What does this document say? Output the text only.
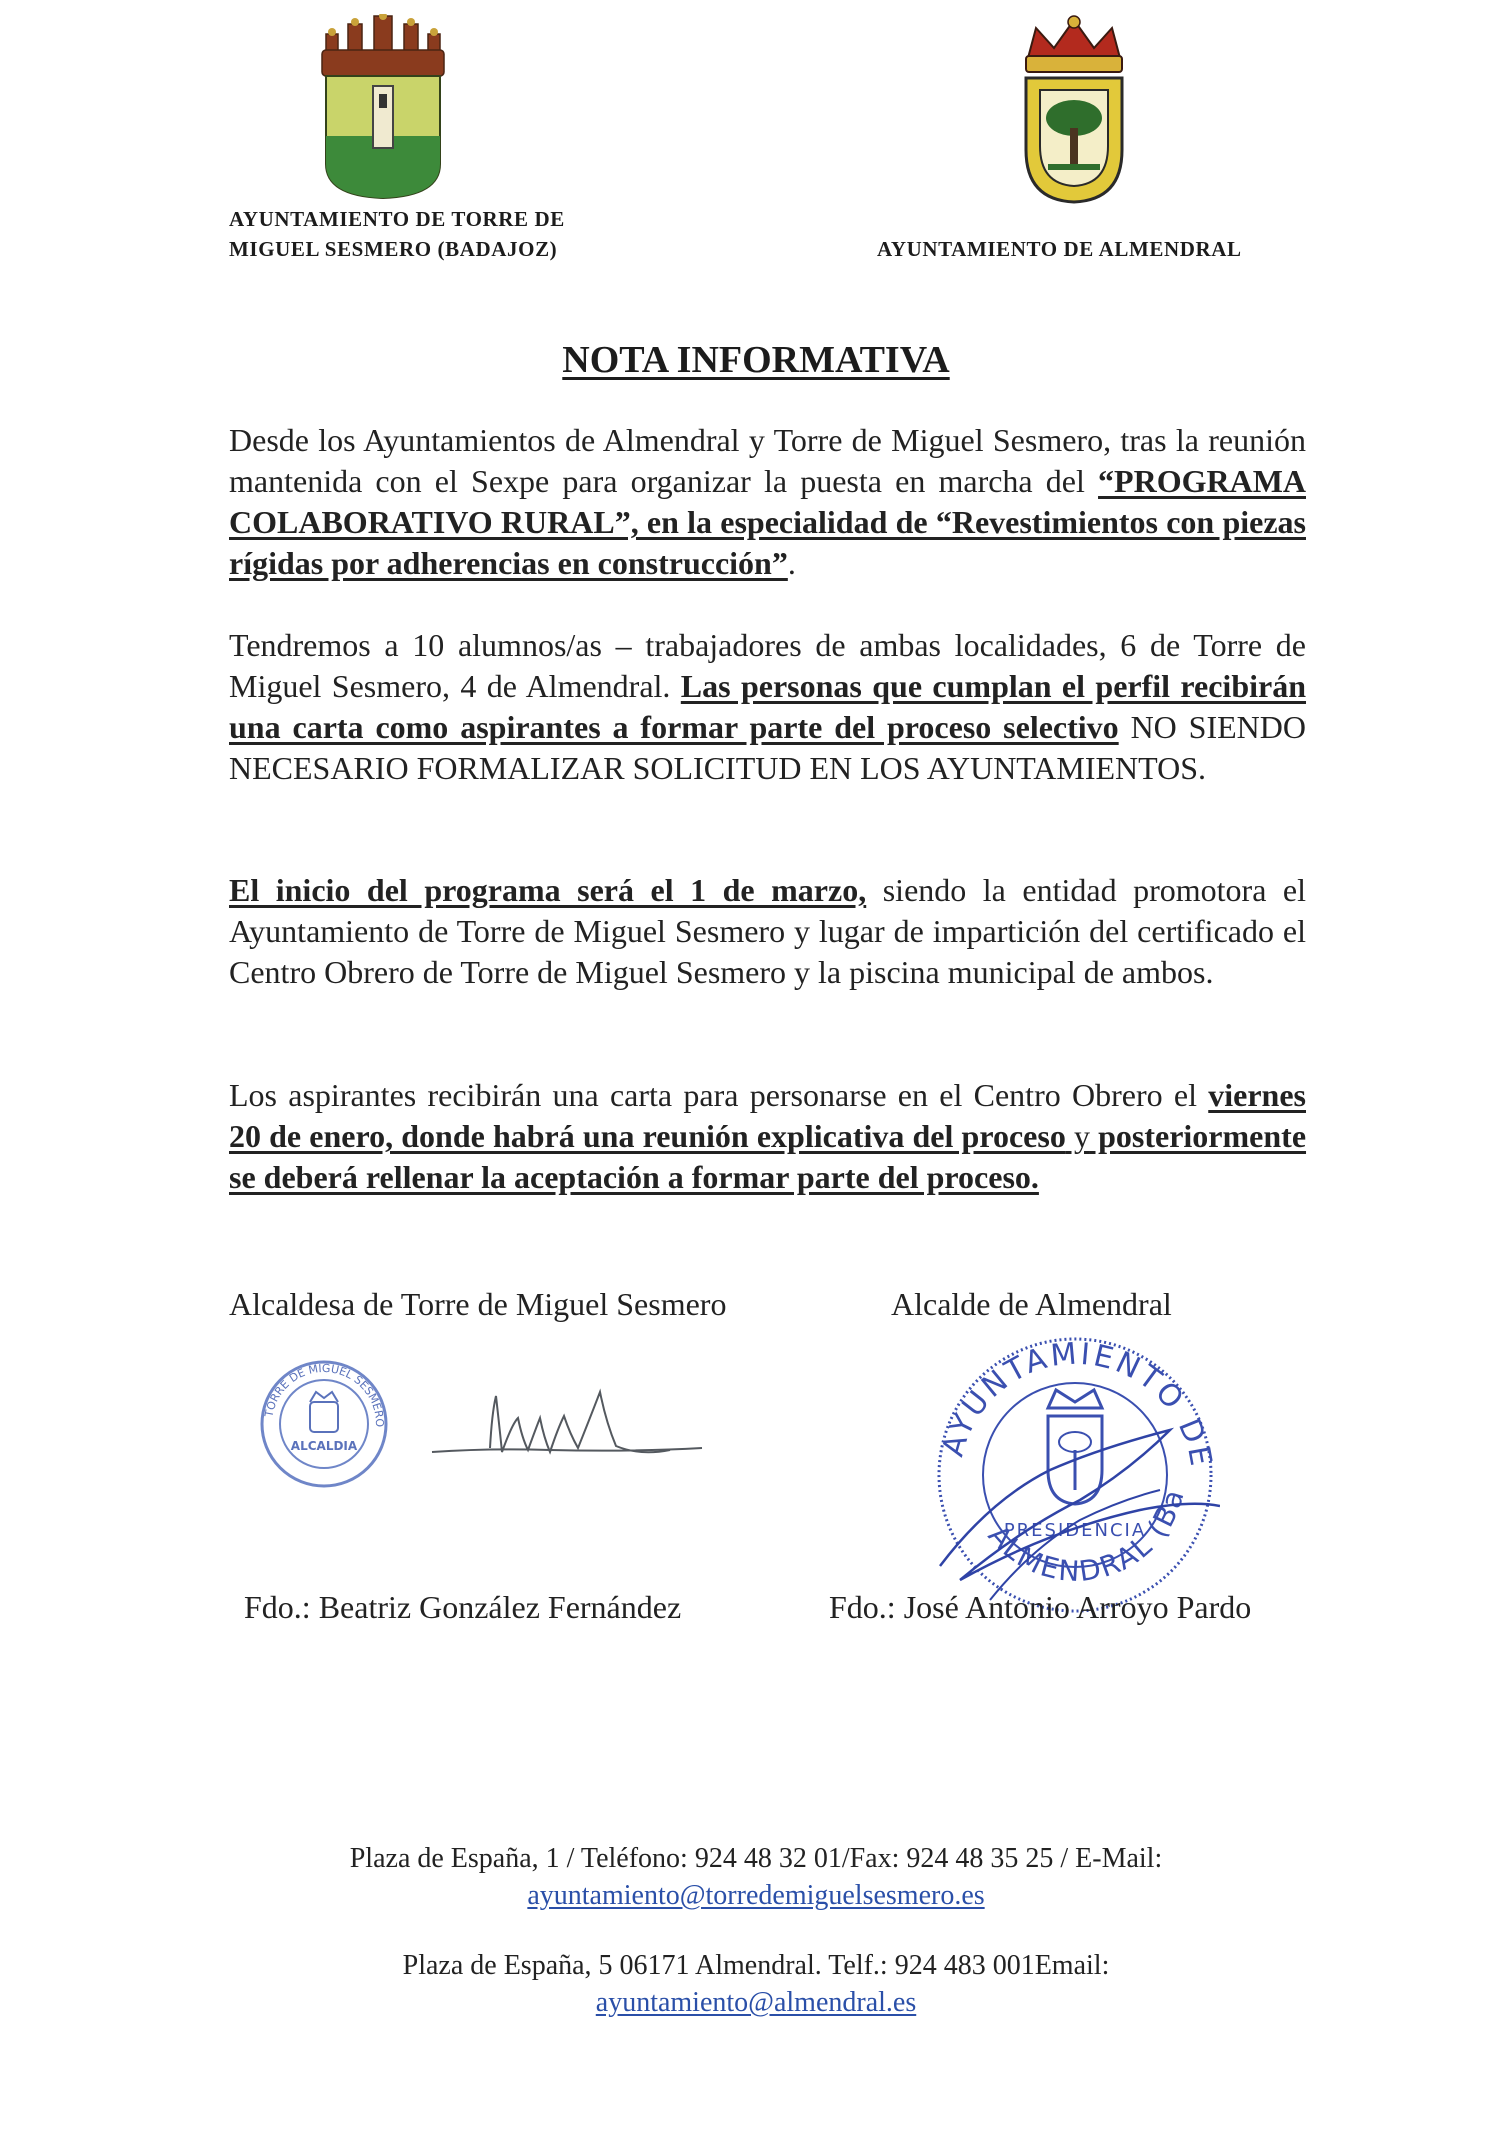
AYUNTAMIENTO DE TORRE DE
MIGUEL SESMERO (BADAJOZ)	AYUNTAMIENTO DE ALMENDRAL
NOTA INFORMATIVA

Desde los Ayuntamientos de Almendral y Torre de Miguel Sesmero, tras la reunión mantenida con el Sexpe para organizar la puesta en marcha del “PROGRAMA COLABORATIVO RURAL”, en la especialidad de “Revestimientos con piezas rígidas por adherencias en construcción”.

Tendremos a 10 alumnos/as – trabajadores de ambas localidades, 6 de Torre de Miguel Sesmero, 4 de Almendral. Las personas que cumplan el perfil recibirán una carta como aspirantes a formar parte del proceso selectivo NO SIENDO NECESARIO FORMALIZAR SOLICITUD EN LOS AYUNTAMIENTOS.

El inicio del programa será el 1 de marzo, siendo la entidad promotora el Ayuntamiento de Torre de Miguel Sesmero y lugar de impartición del certificado el Centro Obrero de Torre de Miguel Sesmero y la piscina municipal de ambos.

Los aspirantes recibirán una carta para personarse en el Centro Obrero el viernes 20 de enero, donde habrá una reunión explicativa del proceso y posteriormente se deberá rellenar la aceptación a formar parte del proceso.

Alcaldesa de Torre de Miguel Sesmero	Alcalde de Almendral
TORRE DE MIGUEL SESMERO
ALCALDIA	AYUNTAMIENTO DE
ALMENDRAL (Ba
PRESIDENCIA
Fdo.: Beatriz González Fernández	Fdo.: José Antonio Arroyo Pardo
Plaza de España, 1 / Teléfono: 924 48 32 01/Fax: 924 48 35 25 / E-Mail:
ayuntamiento@torredemiguelsesmero.es
Plaza de España, 5 06171 Almendral. Telf.: 924 483 001Email:
ayuntamiento@almendral.es
